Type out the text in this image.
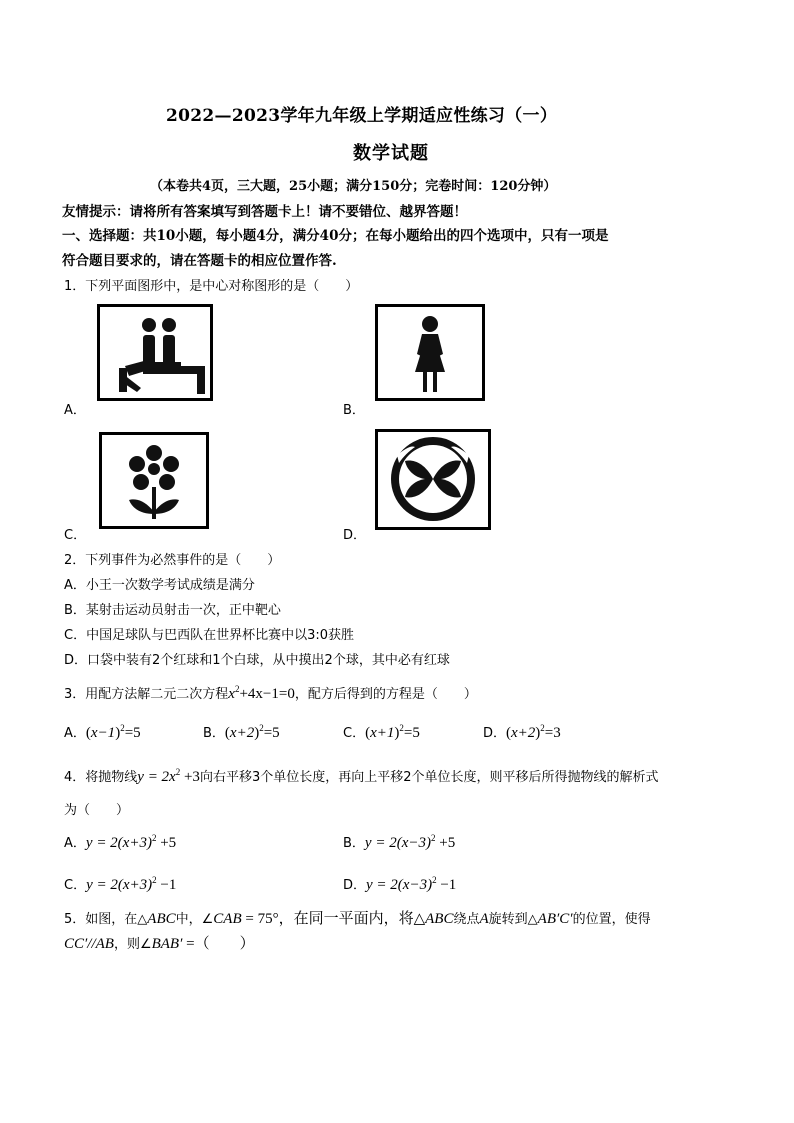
2022—2023学年九年级上学期适应性练习（一）
数学试题
（本卷共4页，三大题，25小题；满分150分；完卷时间：120分钟）
友情提示：请将所有答案填写到答题卡上！请不要错位、越界答题！
一、选择题：共10小题，每小题4分，满分40分；在每小题给出的四个选项中，只有一项是
符合题目要求的，请在答题卡的相应位置作答.
1．下列平面图形中，是中心对称图形的是（　　）
A．	B．
C．	D．
2．下列事件为必然事件的是（　　）
A．小王一次数学考试成绩是满分
B．某射击运动员射击一次，正中靶心
C．中国足球队与巴西队在世界杯比赛中以3:0获胜
D．口袋中装有2个红球和1个白球，从中摸出2个球，其中必有红球
3．用配方法解二元二次方程$x^2+4x-1=0$，配方后得到的方程是（　　）
A．$(x-1)^2=5$	B．$(x+2)^2=5$	C．$(x+1)^2=5$	D．$(x+2)^2=3$
4．将抛物线$y = 2x^2 +3$向右平移3个单位长度，再向上平移2个单位长度，则平移后所得抛物线的解析式
为（　　）
A．$y = 2(x+3)^2 +5$	B．$y = 2(x-3)^2 +5$
C．$y = 2(x+3)^2 -1$	D．$y = 2(x-3)^2 -1$
5．如图，在△ABC中，∠CAB = 75°，在同一平面内，将△ABC绕点A旋转到△AB′C′的位置，使得
CC′//AB，则∠BAB′ =（　　）
